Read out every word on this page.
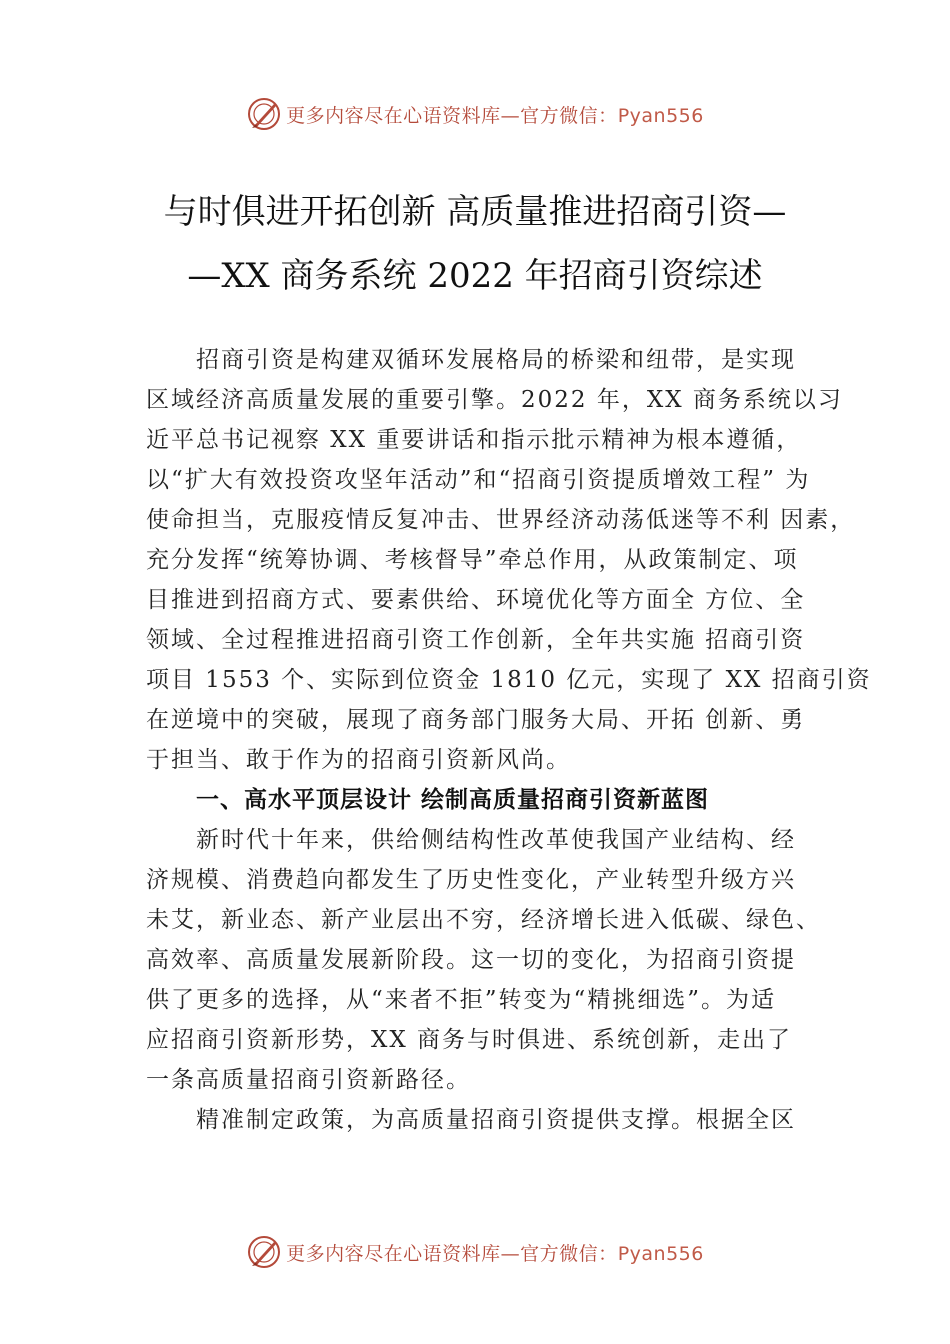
更多内容尽在心语资料库—官方微信：Pyan556
与时俱进开拓创新 高质量推进招商引资—
—XX 商务系统 2022 年招商引资综述
招商引资是构建双循环发展格局的桥梁和纽带，是实现
区域经济高质量发展的重要引擎。2022 年，XX 商务系统以习
近平总书记视察 XX 重要讲话和指示批示精神为根本遵循，
以“扩大有效投资攻坚年活动”和“招商引资提质增效工程” 为
使命担当，克服疫情反复冲击、世界经济动荡低迷等不利 因素，
充分发挥“统筹协调、考核督导”牵总作用，从政策制定、项
目推进到招商方式、要素供给、环境优化等方面全 方位、全
领域、全过程推进招商引资工作创新，全年共实施 招商引资
项目 1553 个、实际到位资金 1810 亿元，实现了 XX 招商引资
在逆境中的突破，展现了商务部门服务大局、开拓 创新、勇
于担当、敢于作为的招商引资新风尚。
一、高水平顶层设计 绘制高质量招商引资新蓝图
新时代十年来，供给侧结构性改革使我国产业结构、经
济规模、消费趋向都发生了历史性变化，产业转型升级方兴
未艾，新业态、新产业层出不穷，经济增长进入低碳、绿色、
高效率、高质量发展新阶段。这一切的变化，为招商引资提
供了更多的选择，从“来者不拒”转变为“精挑细选”。为适
应招商引资新形势，XX 商务与时俱进、系统创新，走出了
一条高质量招商引资新路径。
精准制定政策，为高质量招商引资提供支撑。根据全区
更多内容尽在心语资料库—官方微信：Pyan556
